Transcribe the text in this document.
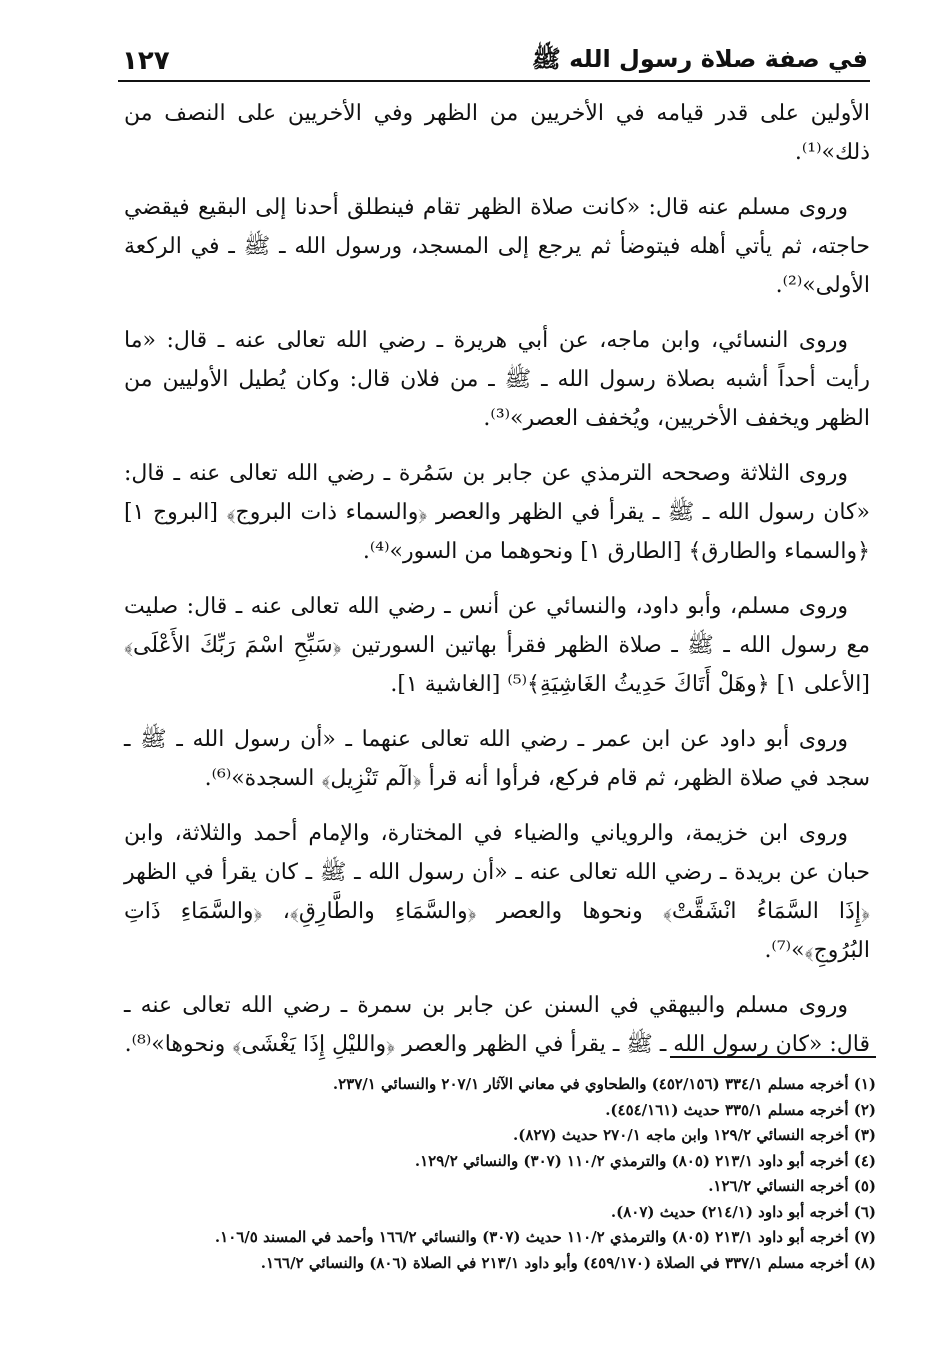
١٢٧	في صفة صلاة رسول الله ﷺ

الأولين على قدر قيامه في الأخريين من الظهر وفي الأخريين على النصف من ذلك»⁽¹⁾.

وروى مسلم عنه قال: «كانت صلاة الظهر تقام فينطلق أحدنا إلى البقيع فيقضي حاجته، ثم يأتي أهله فيتوضأ ثم يرجع إلى المسجد، ورسول الله ـ ﷺ ـ في الركعة الأولى»⁽²⁾.

وروى النسائي، وابن ماجه، عن أبي هريرة ـ رضي الله تعالى عنه ـ قال: «ما رأيت أحداً أشبه بصلاة رسول الله ـ ﷺ ـ من فلان قال: وكان يُطيل الأوليين من الظهر ويخفف الأخريين، ويُخفف العصر»⁽³⁾.

وروى الثلاثة وصححه الترمذي عن جابر بن سَمُرة ـ رضي الله تعالى عنه ـ قال: «كان رسول الله ـ ﷺ ـ يقرأ في الظهر والعصر ﴿والسماء ذات البروج﴾ [البروج ١] ﴿والسماء والطارق﴾ [الطارق ١] ونحوهما من السور»⁽⁴⁾.

وروى مسلم، وأبو داود، والنسائي عن أنس ـ رضي الله تعالى عنه ـ قال: صليت مع رسول الله ـ ﷺ ـ صلاة الظهر فقرأ بهاتين السورتين ﴿سَبِّحِ اسْمَ رَبِّكَ الأَعْلَى﴾ [الأعلى ١] ﴿وهَلْ أَتَاكَ حَدِيثُ الغَاشِيَةِ﴾⁽⁵⁾ [الغاشية ١].

وروى أبو داود عن ابن عمر ـ رضي الله تعالى عنهما ـ «أن رسول الله ـ ﷺ ـ سجد في صلاة الظهر، ثم قام فركع، فرأوا أنه قرأ ﴿الٓم تَنْزِيل﴾ السجدة»⁽⁶⁾.

وروى ابن خزيمة، والروياني والضياء في المختارة، والإمام أحمد والثلاثة، وابن حبان عن بريدة ـ رضي الله تعالى عنه ـ «أن رسول الله ـ ﷺ ـ كان يقرأ في الظهر ﴿إِذَا السَّمَاءُ انْشَقَّتْ﴾ ونحوها والعصر ﴿والسَّمَاءِ والطَّارِقِ﴾، ﴿والسَّمَاءِ ذَاتِ البُرُوجِ﴾»⁽⁷⁾.

وروى مسلم والبيهقي في السنن عن جابر بن سمرة ـ رضي الله تعالى عنه ـ قال: «كان رسول الله ـ ﷺ ـ يقرأ في الظهر والعصر ﴿والليْلِ إِذَا يَغْشَى﴾ ونحوها»⁽⁸⁾.

(١) أخرجه مسلم ٣٣٤/١ (٤٥٢/١٥٦) والطحاوي في معاني الآثار ٢٠٧/١ والنسائي ٢٣٧/١.

(٢) أخرجه مسلم ٣٣٥/١ حديث (٤٥٤/١٦١).

(٣) أخرجه النسائي ١٢٩/٢ وابن ماجه ٢٧٠/١ حديث (٨٢٧).

(٤) أخرجه أبو داود ٢١٣/١ (٨٠٥) والترمذي ١١٠/٢ (٣٠٧) والنسائي ١٢٩/٢.

(٥) أخرجه النسائي ١٢٦/٢.

(٦) أخرجه أبو داود (٢١٤/١) حديث (٨٠٧).

(٧) أخرجه أبو داود ٢١٣/١ (٨٠٥) والترمذي ١١٠/٢ حديث (٣٠٧) والنسائي ١٦٦/٢ وأحمد في المسند ١٠٦/٥.

(٨) أخرجه مسلم ٣٣٧/١ في الصلاة (٤٥٩/١٧٠) وأبو داود ٢١٣/١ في الصلاة (٨٠٦) والنسائي ١٦٦/٢.
